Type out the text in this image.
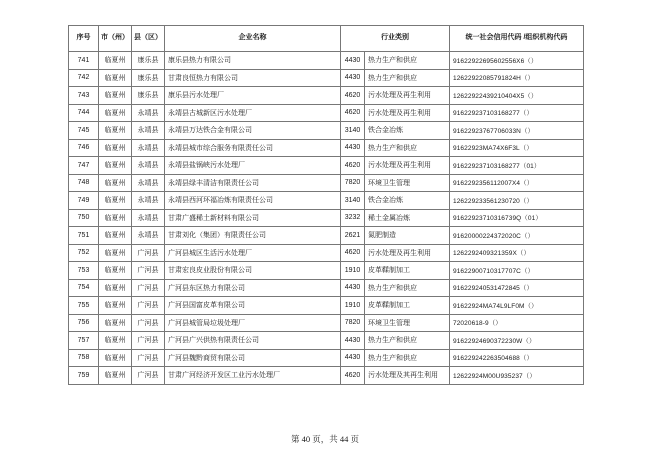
序号	市（州）	县（区）	企业名称	行业类别		统一社会信用代码 /组织机构代码
741	临夏州	康乐县	康乐县热力有限公司	4430	热力生产和供应	91622922695602556X6（）
742	临夏州	康乐县	甘肃良恒热力有限公司	4430	热力生产和供应	12622922085791824H（）
743	临夏州	康乐县	康乐县污水处理厂	4620	污水处理及再生利用	12622922439210404X5（）
744	临夏州	永靖县	永靖县古城新区污水处理厂	4620	污水处理及再生利用	916229237103168277（）
745	临夏州	永靖县	永靖县万达铁合金有限公司	3140	铁合金冶炼	91622923767706033N（）
746	临夏州	永靖县	永靖县城市综合服务有限责任公司	4430	热力生产和供应	91622923MA74X6F3L（）
747	临夏州	永靖县	永靖县盐锅峡污水处理厂	4620	污水处理及再生利用	916229237103168277（01）
748	临夏州	永靖县	永靖县绿丰清洁有限责任公司	7820	环境卫生管理	9162292356112007X4（）
749	临夏州	永靖县	永靖县西河环福冶炼有限责任公司	3140	铁合金冶炼	126229233561230720（）
750	临夏州	永靖县	甘肃广盛稀土新材料有限公司	3232	稀土金属冶炼	91622923710316739Q（01）
751	临夏州	永靖县	甘肃刘化（集团）有限责任公司	2621	氮肥制造	91620000224372020C（）
752	临夏州	广河县	广河县城区生活污水处理厂	4620	污水处理及再生利用	1262292409321359X（）
753	临夏州	广河县	甘肃宏良皮业股份有限公司	1910	皮革鞣制加工	91622900710317707C（）
754	临夏州	广河县	广河县东区热力有限公司	4430	热力生产和供应	916229240531472845（）
755	临夏州	广河县	广河县国富皮革有限公司	1910	皮革鞣制加工	91622924MA74L9LF0M（）
756	临夏州	广河县	广河县城管局垃圾处理厂	7820	环境卫生管理	72020618-9（）
757	临夏州	广河县	广河县广兴供热有限责任公司	4430	热力生产和供应	91622924690372230W（）
758	临夏州	广河县	广河县魏黔商贸有限公司	4430	热力生产和供应	916229242263504688（）
759	临夏州	广河县	甘肃广河经济开发区工业污水处理厂	4620	污水处理及其再生利用	12622924M00U935237（）
第 40 页，共 44 页
